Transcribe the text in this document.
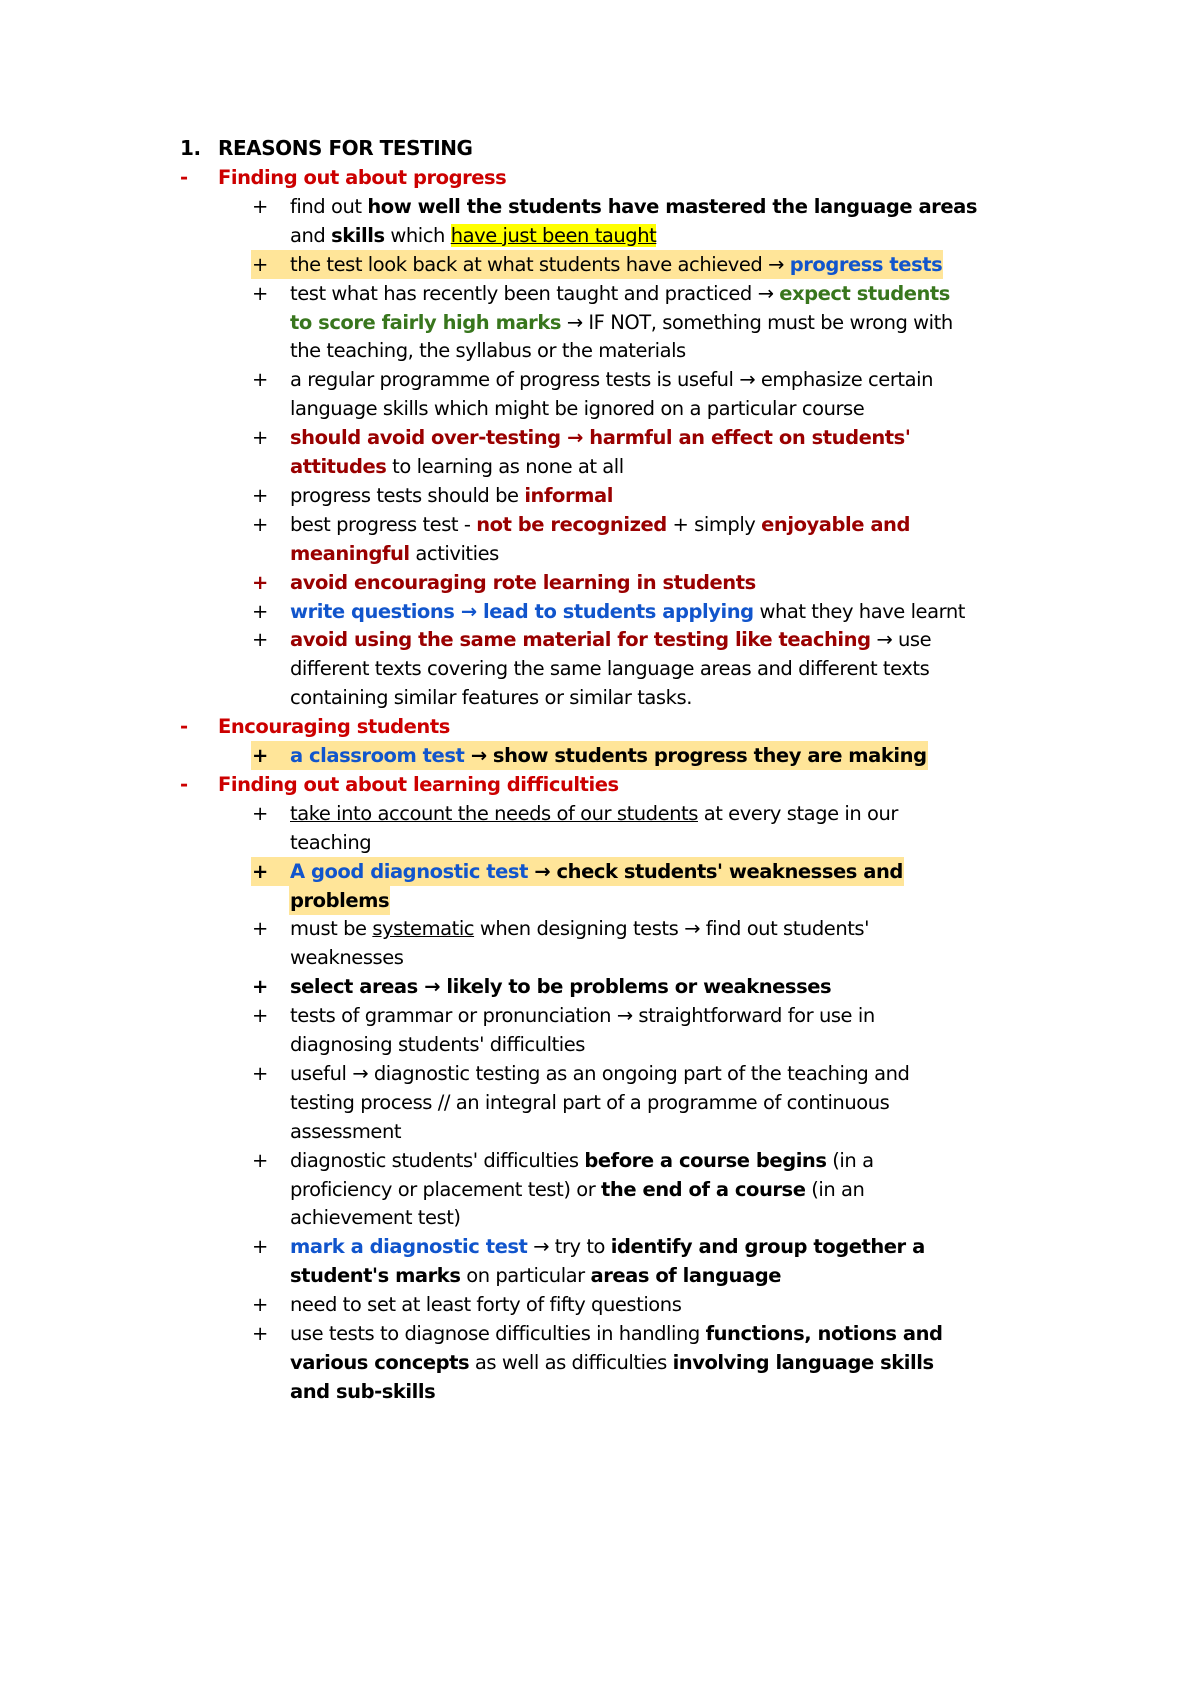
1. REASONS FOR TESTING
- Finding out about progress
+ find out how well the students have mastered the language areas
and skills which have just been taught
+ the test look back at what students have achieved → progress tests
+ test what has recently been taught and practiced → expect students
to score fairly high marks → IF NOT, something must be wrong with
the teaching, the syllabus or the materials
+ a regular programme of progress tests is useful → emphasize certain
language skills which might be ignored on a particular course
+ should avoid over-testing → harmful an effect on students'
attitudes to learning as none at all
+ progress tests should be informal
+ best progress test - not be recognized + simply enjoyable and
meaningful activities
+ avoid encouraging rote learning in students
+ write questions → lead to students applying what they have learnt
+ avoid using the same material for testing like teaching → use
different texts covering the same language areas and different texts
containing similar features or similar tasks.
- Encouraging students
+ a classroom test → show students progress they are making
- Finding out about learning difficulties
+ take into account the needs of our students at every stage in our
teaching
+ A good diagnostic test → check students' weaknesses and
problems
+ must be systematic when designing tests → find out students'
weaknesses
+ select areas → likely to be problems or weaknesses
+ tests of grammar or pronunciation → straightforward for use in
diagnosing students' difficulties
+ useful → diagnostic testing as an ongoing part of the teaching and
testing process // an integral part of a programme of continuous
assessment
+ diagnostic students' difficulties before a course begins (in a
proficiency or placement test) or the end of a course (in an
achievement test)
+ mark a diagnostic test → try to identify and group together a
student's marks on particular areas of language
+ need to set at least forty of fifty questions
+ use tests to diagnose difficulties in handling functions, notions and
various concepts as well as difficulties involving language skills
and sub-skills
